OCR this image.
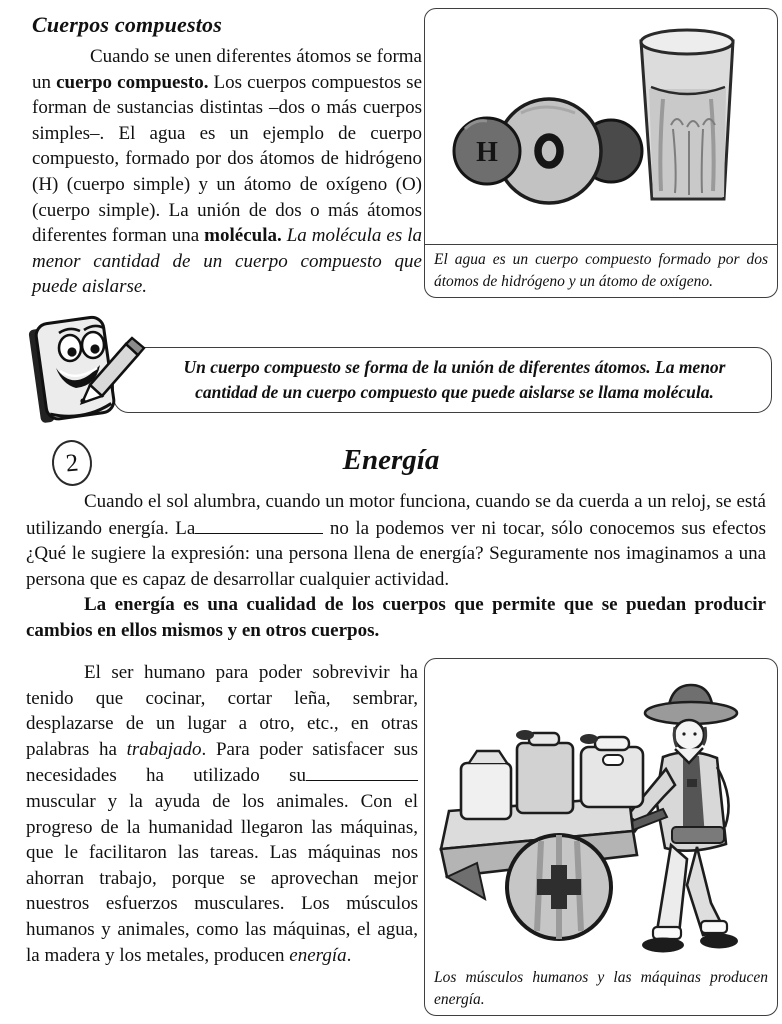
Cuerpos compuestos

Cuando se unen diferentes átomos se forma un cuerpo compuesto. Los cuerpos compuestos se forman de sustancias distintas –dos o más cuerpos simples–. El agua es un ejemplo de cuerpo compuesto, formado por dos átomos de hidrógeno (H) (cuerpo simple) y un átomo de oxígeno (O) (cuerpo simple). La unión de dos o más átomos diferentes forman una molécula. La molécula es la menor cantidad de un cuerpo compuesto que puede aislarse.

H
El agua es un cuerpo compuesto formado por dos átomos de hidrógeno y un átomo de oxígeno.

Un cuerpo compuesto se forma de la unión de diferentes átomos. La menor cantidad de un cuerpo compuesto que puede aislarse se llama molécula.

2	Energía

Cuando el sol alumbra, cuando un motor funciona, cuando se da cuerda a un reloj, se está utilizando energía. La	no la podemos ver ni tocar, sólo conocemos sus efectos ¿Qué le sugiere la expresión: una persona llena de energía? Seguramente nos imaginamos a una persona que es capaz de desarrollar cualquier actividad.

La energía es una cualidad de los cuerpos que permite que se puedan producir cambios en ellos mismos y en otros cuerpos.

El ser humano para poder sobrevivir ha tenido que cocinar, cortar leña, sembrar, desplazarse de un lugar a otro, etc., en otras palabras ha trabajado. Para poder satisfacer sus necesidades ha utilizado su muscular y la ayuda de los animales. Con el progreso de la humanidad llegaron las máquinas, que le facilitaron las tareas. Las máquinas nos ahorran trabajo, porque se aprovechan mejor nuestros esfuerzos musculares. Los músculos humanos y animales, como las máquinas, el agua, la madera y los metales, producen energía.

Los músculos humanos y las máquinas producen energía.
